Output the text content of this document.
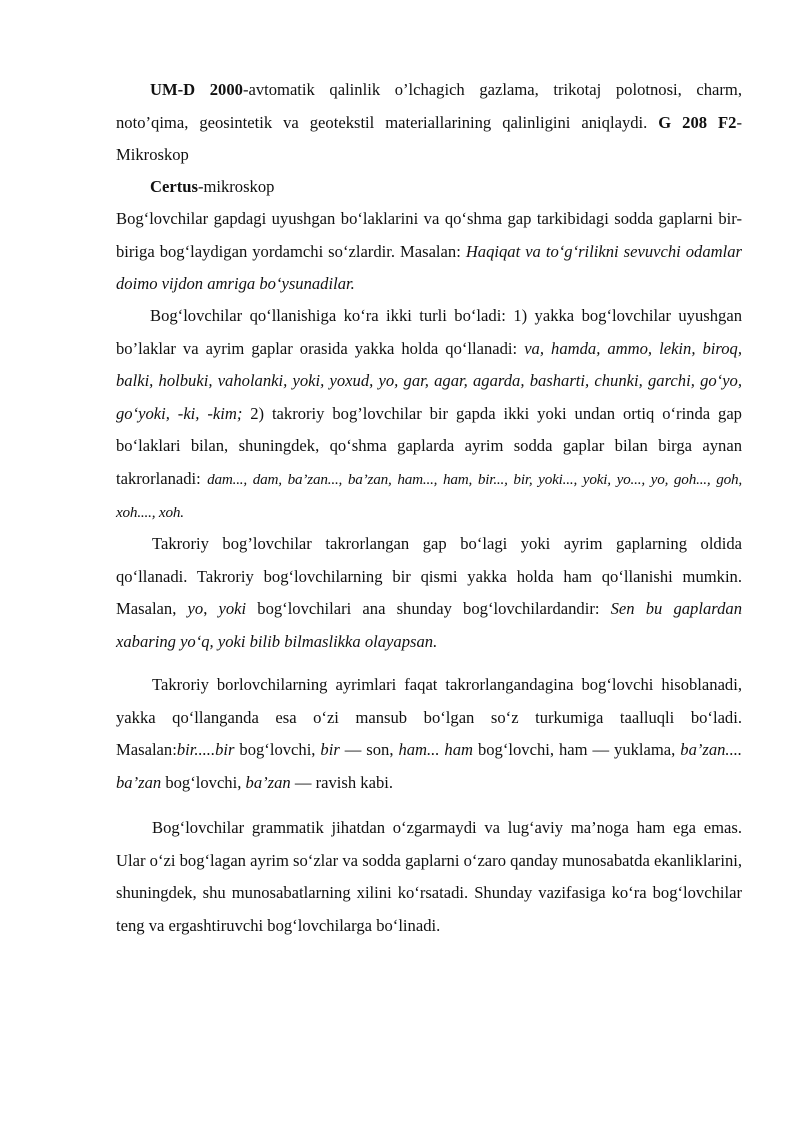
UM-D 2000-avtomatik qalinlik o’lchagich gazlama, trikotaj polotnosi, charm, noto’qima, geosintetik va geotekstil materiallarining qalinligini aniqlaydi. G 208 F2-Mikroskop

Certus-mikroskop

Bog‘lovchilar gapdagi uyushgan bo‘laklarini va qo‘shma gap tarkibidagi sodda gaplarni bir-biriga bog‘laydigan yordamchi so‘zlardir. Masalan: Haqiqat va to‘g‘rilikni sevuvchi odamlar doimo vijdon amriga bo‘ysunadilar.

Bog‘lovchilar qo‘llanishiga ko‘ra ikki turli bo‘ladi: 1) yakka bog‘lovchilar uyushgan bo’laklar va ayrim gaplar orasida yakka holda qo‘llanadi: va, hamda, ammo, lekin, biroq, balki, holbuki, vaholanki, yoki, yoxud, yo, gar, agar, agarda, basharti, chunki, garchi, go‘yo, go‘yoki, -ki, -kim; 2) takroriy bog’lovchilar bir gapda ikki yoki undan ortiq o‘rinda gap bo‘laklari bilan, shuningdek, qo‘shma gaplarda ayrim sodda gaplar bilan birga aynan takrorlanadi: dam..., dam, ba’zan..., ba’zan, ham..., ham, bir..., bir, yoki..., yoki, yo..., yo, goh..., goh, xoh...., xoh.

Takroriy bog’lovchilar takrorlangan gap bo‘lagi yoki ayrim gaplarning oldida qo‘llanadi. Takroriy bog‘lovchilarning bir qismi yakka holda ham qo‘llanishi mumkin. Masalan, yo, yoki bog‘lovchilari ana shunday bog‘lovchilardandir: Sen bu gaplardan xabaring yo‘q, yoki bilib bilmaslikka olayapsan.

Takroriy borlovchilarning ayrimlari faqat takrorlangandagina bog‘lovchi hisoblanadi, yakka qo‘llanganda esa o‘zi mansub bo‘lgan so‘z turkumiga taalluqli bo‘ladi. Masalan:bir.....bir bog‘lovchi, bir — son, ham... ham bog‘lovchi, ham — yuklama, ba’zan.... ba’zan bog‘lovchi, ba’zan — ravish kabi.

Bog‘lovchilar grammatik jihatdan o‘zgarmaydi va lug‘aviy ma’noga ham ega emas. Ular o‘zi bog‘lagan ayrim so‘zlar va sodda gaplarni o‘zaro qanday munosabatda ekanliklarini, shuningdek, shu munosabatlarning xilini ko‘rsatadi. Shunday vazifasiga ko‘ra bog‘lovchilar teng va ergashtiruvchi bog‘lovchilarga bo‘linadi.
